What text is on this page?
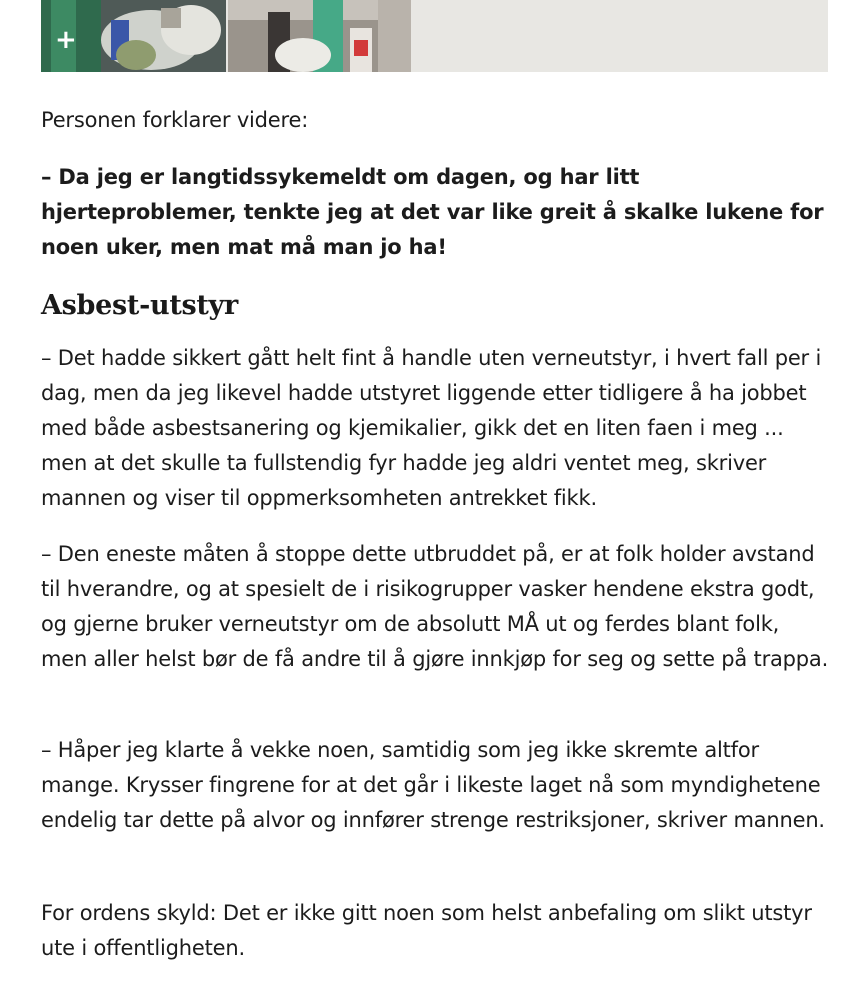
+

Personen forklarer videre:

– Da jeg er langtidssykemeldt om dagen, og har litt hjerteproblemer, tenkte jeg at det var like greit å skalke lukene for noen uker, men mat må man jo ha!

Asbest-utstyr

– Det hadde sikkert gått helt fint å handle uten verneutstyr, i hvert fall per i dag, men da jeg likevel hadde utstyret liggende etter tidligere å ha jobbet med både asbestsanering og kjemikalier, gikk det en liten faen i meg ... men at det skulle ta fullstendig fyr hadde jeg aldri ventet meg, skriver mannen og viser til oppmerksomheten antrekket fikk.

– Den eneste måten å stoppe dette utbruddet på, er at folk holder avstand til hverandre, og at spesielt de i risikogrupper vasker hendene ekstra godt, og gjerne bruker verneutstyr om de absolutt MÅ ut og ferdes blant folk, men aller helst bør de få andre til å gjøre innkjøp for seg og sette på trappa.

– Håper jeg klarte å vekke noen, samtidig som jeg ikke skremte altfor mange. Krysser fingrene for at det går i likeste laget nå som myndighetene endelig tar dette på alvor og innfører strenge restriksjoner, skriver mannen.

For ordens skyld: Det er ikke gitt noen som helst anbefaling om slikt utstyr ute i offentligheten.
